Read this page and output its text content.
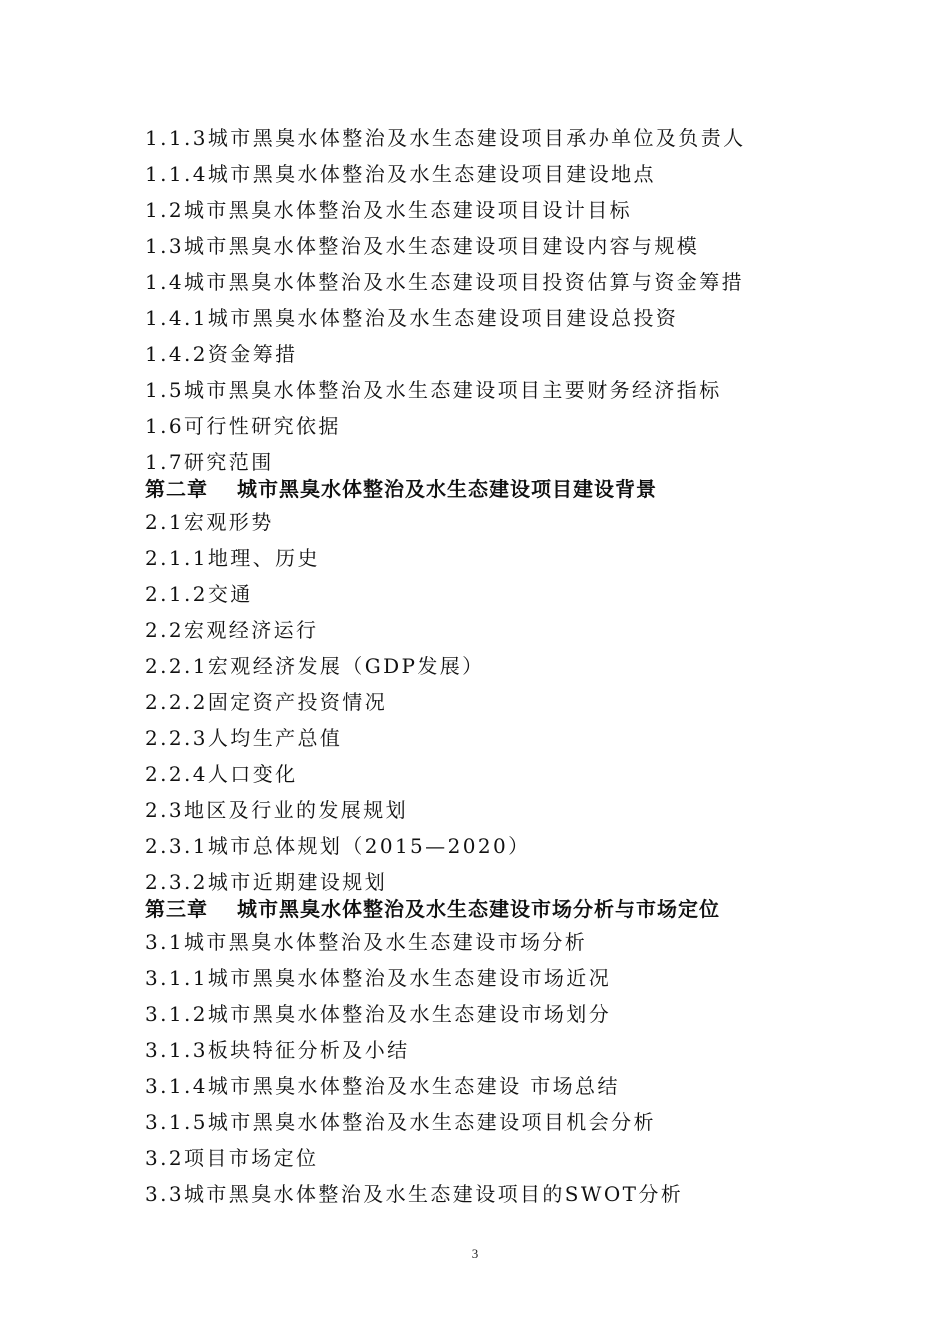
1.1.3城市黑臭水体整治及水生态建设项目承办单位及负责人
1.1.4城市黑臭水体整治及水生态建设项目建设地点
1.2城市黑臭水体整治及水生态建设项目设计目标
1.3城市黑臭水体整治及水生态建设项目建设内容与规模
1.4城市黑臭水体整治及水生态建设项目投资估算与资金筹措
1.4.1城市黑臭水体整治及水生态建设项目建设总投资
1.4.2资金筹措
1.5城市黑臭水体整治及水生态建设项目主要财务经济指标
1.6可行性研究依据
1.7研究范围
第二章 城市黑臭水体整治及水生态建设项目建设背景
2.1宏观形势
2.1.1地理、历史
2.1.2交通
2.2宏观经济运行
2.2.1宏观经济发展（GDP发展）
2.2.2固定资产投资情况
2.2.3人均生产总值
2.2.4人口变化
2.3地区及行业的发展规划
2.3.1城市总体规划（2015—2020）
2.3.2城市近期建设规划
第三章 城市黑臭水体整治及水生态建设市场分析与市场定位
3.1城市黑臭水体整治及水生态建设市场分析
3.1.1城市黑臭水体整治及水生态建设市场近况
3.1.2城市黑臭水体整治及水生态建设市场划分
3.1.3板块特征分析及小结
3.1.4城市黑臭水体整治及水生态建设 市场总结
3.1.5城市黑臭水体整治及水生态建设项目机会分析
3.2项目市场定位
3.3城市黑臭水体整治及水生态建设项目的SWOT分析
3
